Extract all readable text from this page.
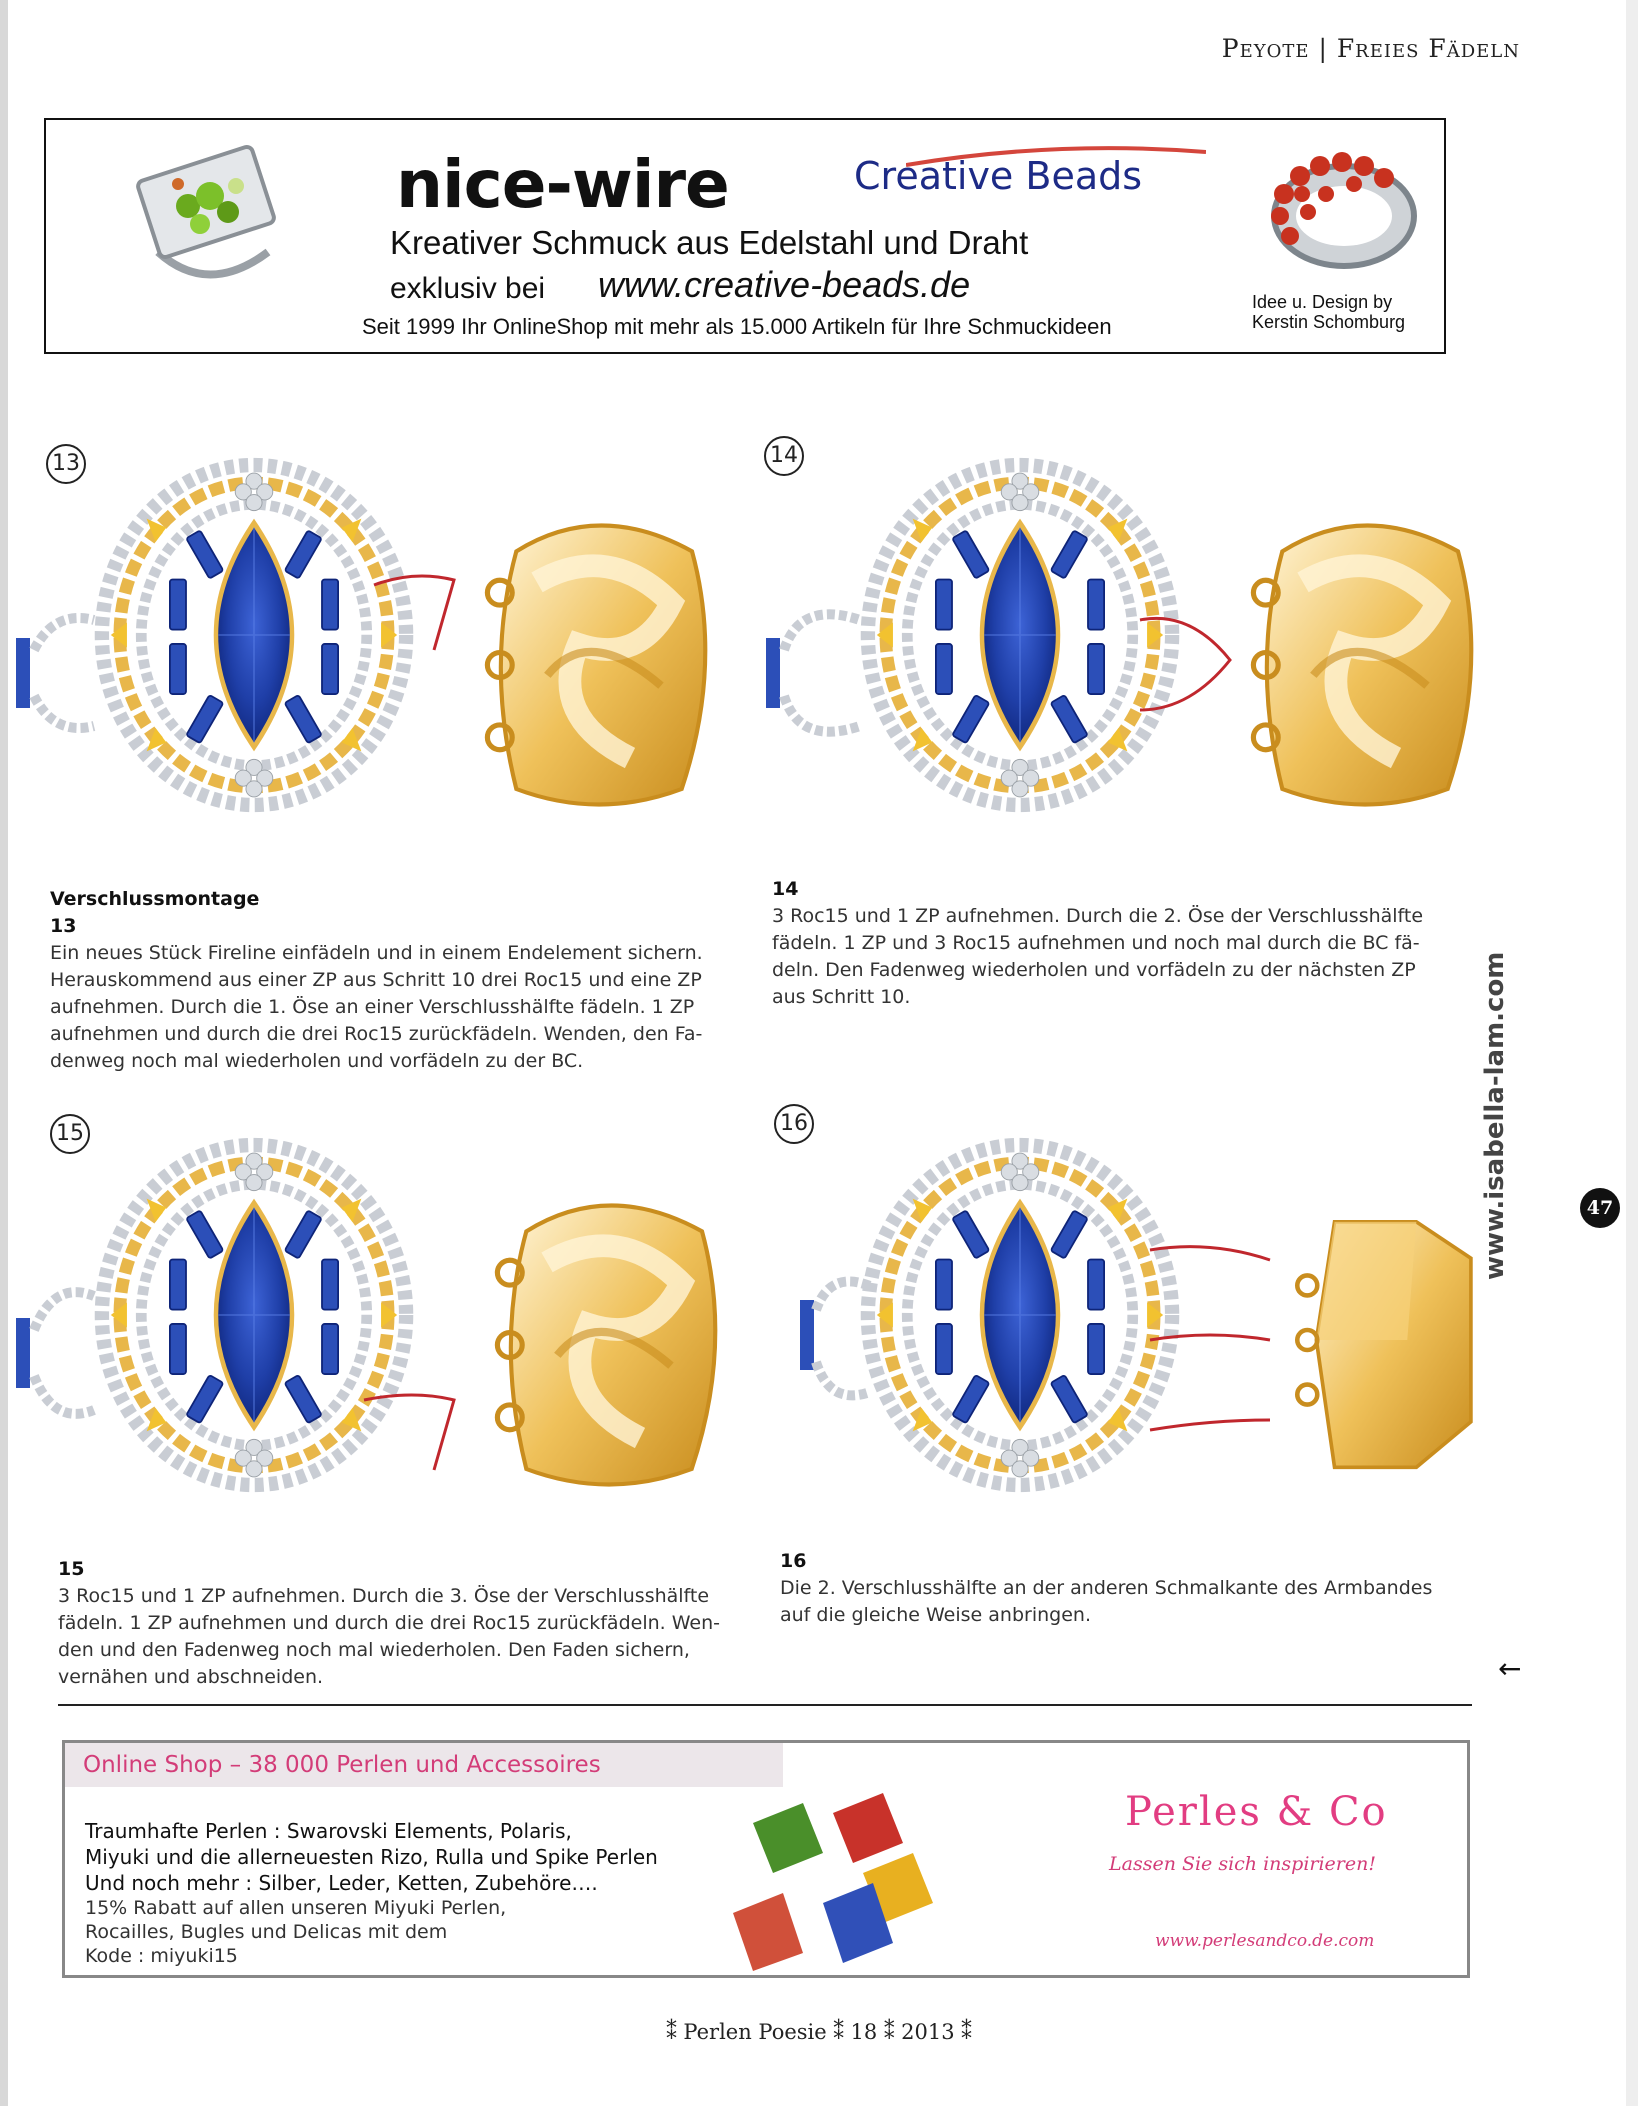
Peyote | Freies Fädeln
nice-wire	Creative Beads
Kreativer Schmuck aus Edelstahl und Draht
exklusiv bei www.creative-beads.de
Seit 1999 Ihr OnlineShop mit mehr als 15.000 Artikeln für Ihre Schmuckideen
Idee u. Design by
Kerstin Schomburg
13	14
Verschlussmontage
13
Ein neues Stück Fireline einfädeln und in einem Endelement sichern.
Herauskommend aus einer ZP aus Schritt 10 drei Roc15 und eine ZP
aufnehmen. Durch die 1. Öse an einer Verschlusshälfte fädeln. 1 ZP
aufnehmen und durch die drei Roc15 zurückfädeln. Wenden, den Fa-
denweg noch mal wiederholen und vorfädeln zu der BC.
14
3 Roc15 und 1 ZP aufnehmen. Durch die 2. Öse der Verschlusshälfte
fädeln. 1 ZP und 3 Roc15 aufnehmen und noch mal durch die BC fä-
deln. Den Fadenweg wiederholen und vorfädeln zu der nächsten ZP
aus Schritt 10.
15	16
15
3 Roc15 und 1 ZP aufnehmen. Durch die 3. Öse der Verschlusshälfte
fädeln. 1 ZP aufnehmen und durch die drei Roc15 zurückfädeln. Wen-
den und den Fadenweg noch mal wiederholen. Den Faden sichern,
vernähen und abschneiden.
16
Die 2. Verschlusshälfte an der anderen Schmalkante des Armbandes
auf die gleiche Weise anbringen.
47
www.isabella-lam.com
←
Online Shop – 38 000 Perlen und Accessoires
Traumhafte Perlen : Swarovski Elements, Polaris,
Miyuki und die allerneuesten Rizo, Rulla und Spike Perlen
Und noch mehr : Silber, Leder, Ketten, Zubehöre….
15% Rabatt auf allen unseren Miyuki Perlen,
Rocailles, Bugles und Delicas mit dem
Kode : miyuki15
Perles & Co
Lassen Sie sich inspirieren!
www.perlesandco.de.com
⁑ Perlen Poesie ⁑ 18 ⁑ 2013 ⁑
